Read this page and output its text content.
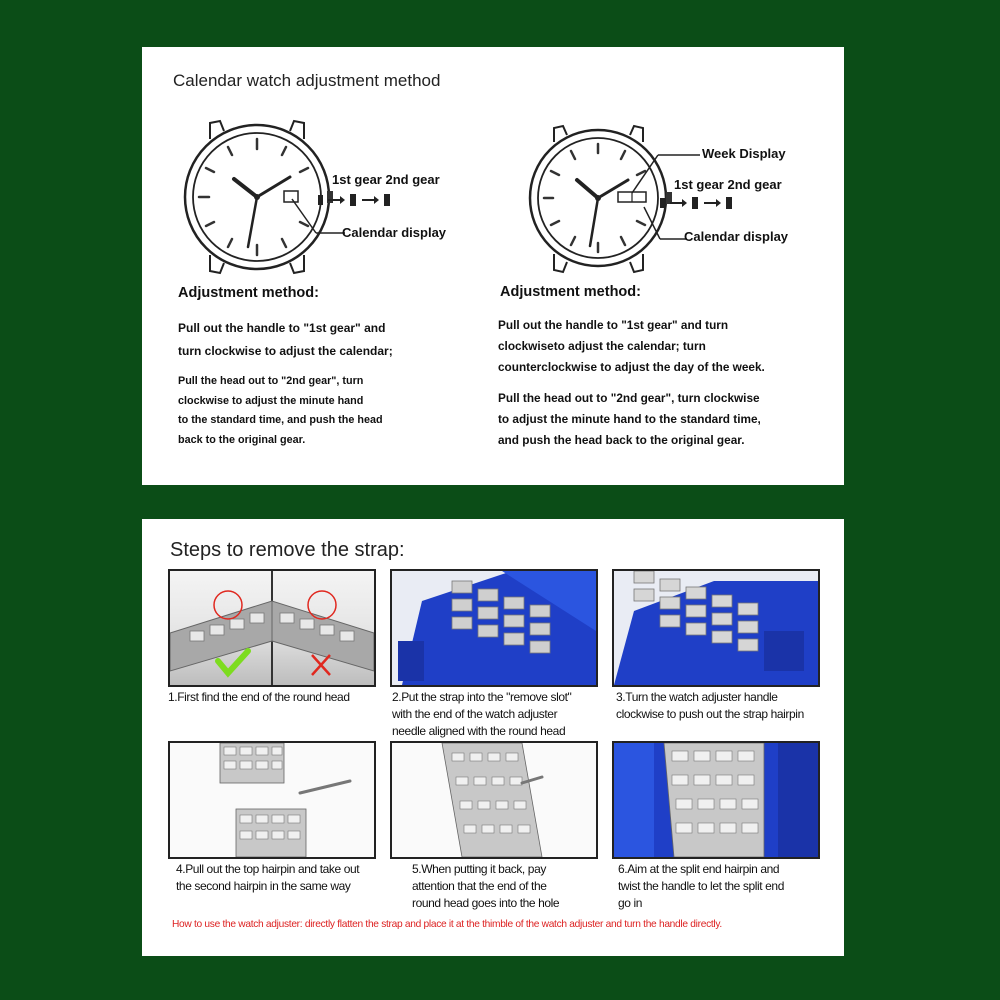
Calendar watch adjustment method
1st gear 2nd gear
Calendar display
Adjustment method:
Pull out the handle to "1st gear" and
turn clockwise to adjust the calendar;
Pull the head out to "2nd gear", turn
clockwise to adjust the minute hand
to the standard time, and push the head
back to the original gear.
Week Display
1st gear 2nd gear
Calendar display
Adjustment method:
Pull out the handle to "1st gear" and turn
clockwiseto adjust the calendar; turn
counterclockwise to adjust the day of the week.
Pull the head out to "2nd gear", turn clockwise
to adjust the minute hand to the standard time,
and push the head back to the original gear.
Steps to remove the strap:
1.First find the end of the round head	2.Put the strap into the "remove slot"
with the end of the watch adjuster
needle aligned with the round head
3.Turn the watch adjuster handle
clockwise to push out the strap hairpin
4.Pull out the top hairpin and take out
the second hairpin in the same way
5.When putting it back, pay
attention that the end of the
round head goes into the hole
6.Aim at the split end hairpin and
twist the handle to let the split end
go in
How to use the watch adjuster: directly flatten the strap and place it at the thimble of the watch adjuster and turn the handle directly.
